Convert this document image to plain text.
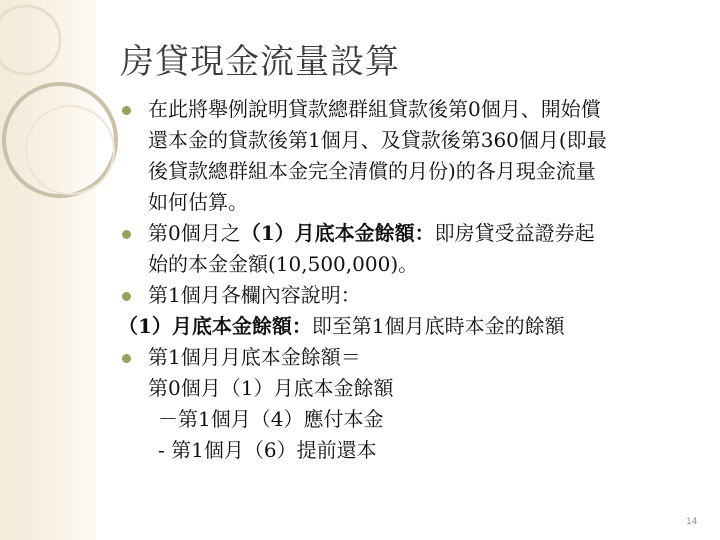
房貸現金流量設算
在此將舉例說明貸款總群組貸款後第0個月、開始償
還本金的貸款後第1個月、及貸款後第360個月(即最
後貸款總群組本金完全清償的月份)的各月現金流量
如何估算。
第0個月之（1）月底本金餘額：即房貸受益證券起
始的本金金額(10,500,000)。
第1個月各欄內容說明：
（1）月底本金餘額：即至第1個月底時本金的餘額
第1個月月底本金餘額＝
第0個月（1）月底本金餘額
－第1個月（4）應付本金
- 第1個月（6）提前還本
14
